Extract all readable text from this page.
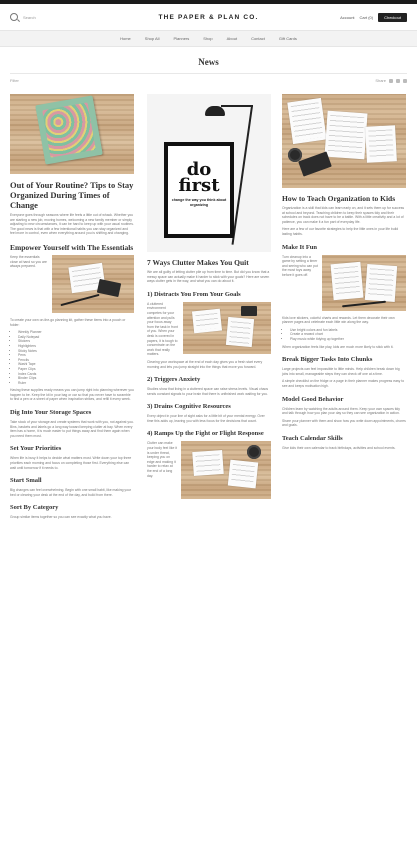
Search	THE PAPER & PLAN CO.	Account Cart (0)	Checkout
Home	Shop All	Planners	Shop	About	Contact	Gift Cards
News
Filter	Share
Out of Your Routine? Tips to Stay Organized During Times of Change

Everyone goes through seasons where life feels a little out of whack. Whether you are starting a new job, moving homes, welcoming a new family member or simply adjusting to new circumstances, it can be hard to keep up with your usual routines. The good news is that with a few intentional habits you can stay organized and feel more in control, even when everything around you is shifting and changing.

Empower Yourself with The Essentials

Keep the essentials close at hand so you are always prepared.

To create your own on-the-go planning kit, gather these items into a pouch or folder:

• Weekly Planner
• Daily Notepad
• Stickers
• Highlighters
• Sticky Notes
• Pens
• Pencils
• Washi Tape
• Paper Clips
• Index Cards
• Binder Clips
• Ruler

Having these supplies ready means you can jump right into planning wherever you happen to be. Keep the kit in your bag or car so that you never have to scramble to find a pen or a sheet of paper when inspiration strikes, and refill it every week.

Dig Into Your Storage Spaces

Take stock of your storage and create systems that work with you, not against you. Bins, baskets and labels go a long way toward keeping clutter at bay. When every item has a home, it is much easier to put things away and find them again when you need them most.

Set Your Priorities

When life is busy it helps to decide what matters most. Write down your top three priorities each morning and focus on completing those first. Everything else can wait until tomorrow if it needs to.

Start Small

Big changes can feel overwhelming. Begin with one small habit, like making your bed or clearing your desk at the end of the day, and build from there.

Sort By Category

Group similar items together so you can see exactly what you have.

do first
change the way you think about organizing
7 Ways Clutter Makes You Quit

We are all guilty of letting clutter pile up from time to time. But did you know that a messy space can actually make it harder to stick with your goals? Here are seven ways clutter gets in the way, and what you can do about it.

1) Distracts You From Your Goals

A cluttered environment competes for your attention and pulls your focus away from the task in front of you. When your desk is covered in papers, it is tough to concentrate on the work that really matters.

Clearing your workspace at the end of each day gives you a fresh start every morning and lets you jump straight into the things that move you forward.

2) Triggers Anxiety

Studies show that living in a cluttered space can raise stress levels. Visual chaos sends constant signals to your brain that there is unfinished work waiting for you.

3) Drains Cognitive Resources

Every object in your line of sight asks for a little bit of your mental energy. Over time this adds up, leaving you with less focus for the decisions that count.

4) Ramps Up the Fight or Flight Response

Clutter can make your body feel like it is under threat, keeping you on edge and making it harder to relax at the end of a long day.

How to Teach Organization to Kids

Organization is a skill that kids can learn early on, and it sets them up for success at school and beyond. Teaching children to keep their spaces tidy and their schedules on track does not have to be a battle. With a little creativity and a lot of patience, you can make it a fun part of everyday life.

Here are a few of our favorite strategies to help the little ones in your life build lasting habits.

Make It Fun

Turn cleanup into a game by setting a timer and seeing who can put the most toys away before it goes off.

Kids love stickers, colorful charts and rewards. Let them decorate their own planner pages and celebrate each little win along the way.

• Use bright colors and fun labels
• Create a reward chart
• Play music while tidying up together

When organization feels like play, kids are much more likely to stick with it.

Break Bigger Tasks Into Chunks

Large projects can feel impossible to little minds. Help children break down big jobs into small, manageable steps they can check off one at a time.

A simple checklist on the fridge or a page in their planner makes progress easy to see and keeps motivation high.

Model Good Behavior

Children learn by watching the adults around them. Keep your own spaces tidy and talk through how you plan your day so they can see organization in action.

Share your planner with them and show how you write down appointments, chores and goals.

Teach Calendar Skills

Give kids their own calendar to track birthdays, activities and school events.
